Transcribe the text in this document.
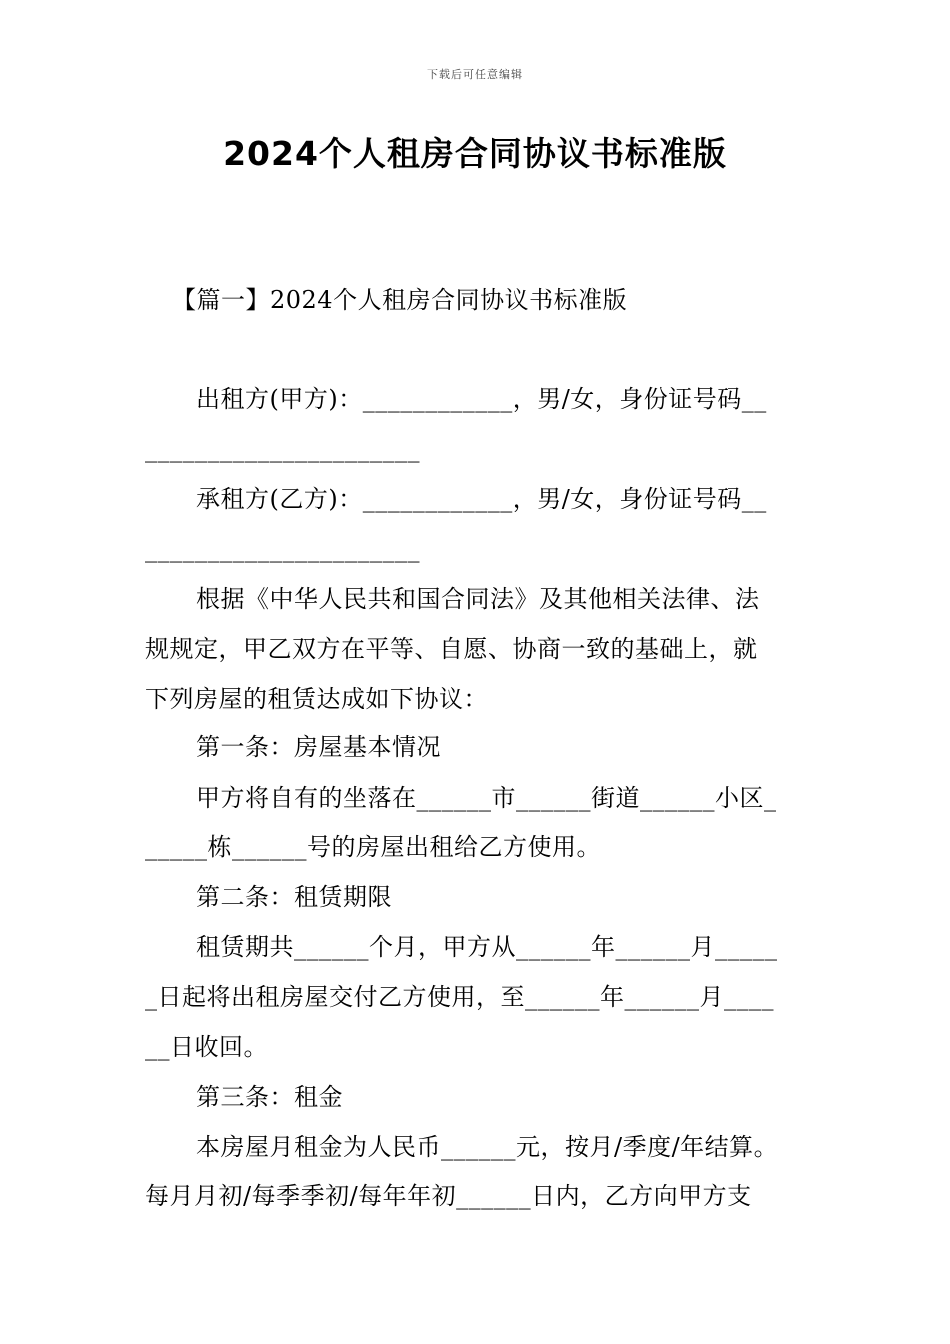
下载后可任意编辑
2024个人租房合同协议书标准版
【篇一】2024个人租房合同协议书标准版
出租方(甲方)：____________，男/女，身份证号码__
______________________
承租方(乙方)：____________，男/女，身份证号码__
______________________
根据《中华人民共和国合同法》及其他相关法律、法
规规定，甲乙双方在平等、自愿、协商一致的基础上，就
下列房屋的租赁达成如下协议：
第一条：房屋基本情况
甲方将自有的坐落在______市______街道______小区_
_____栋______号的房屋出租给乙方使用。
第二条：租赁期限
租赁期共______个月，甲方从______年______月_____
_日起将出租房屋交付乙方使用，至______年______月____
__日收回。
第三条：租金
本房屋月租金为人民币______元，按月/季度/年结算。
每月月初/每季季初/每年年初______日内，乙方向甲方支
